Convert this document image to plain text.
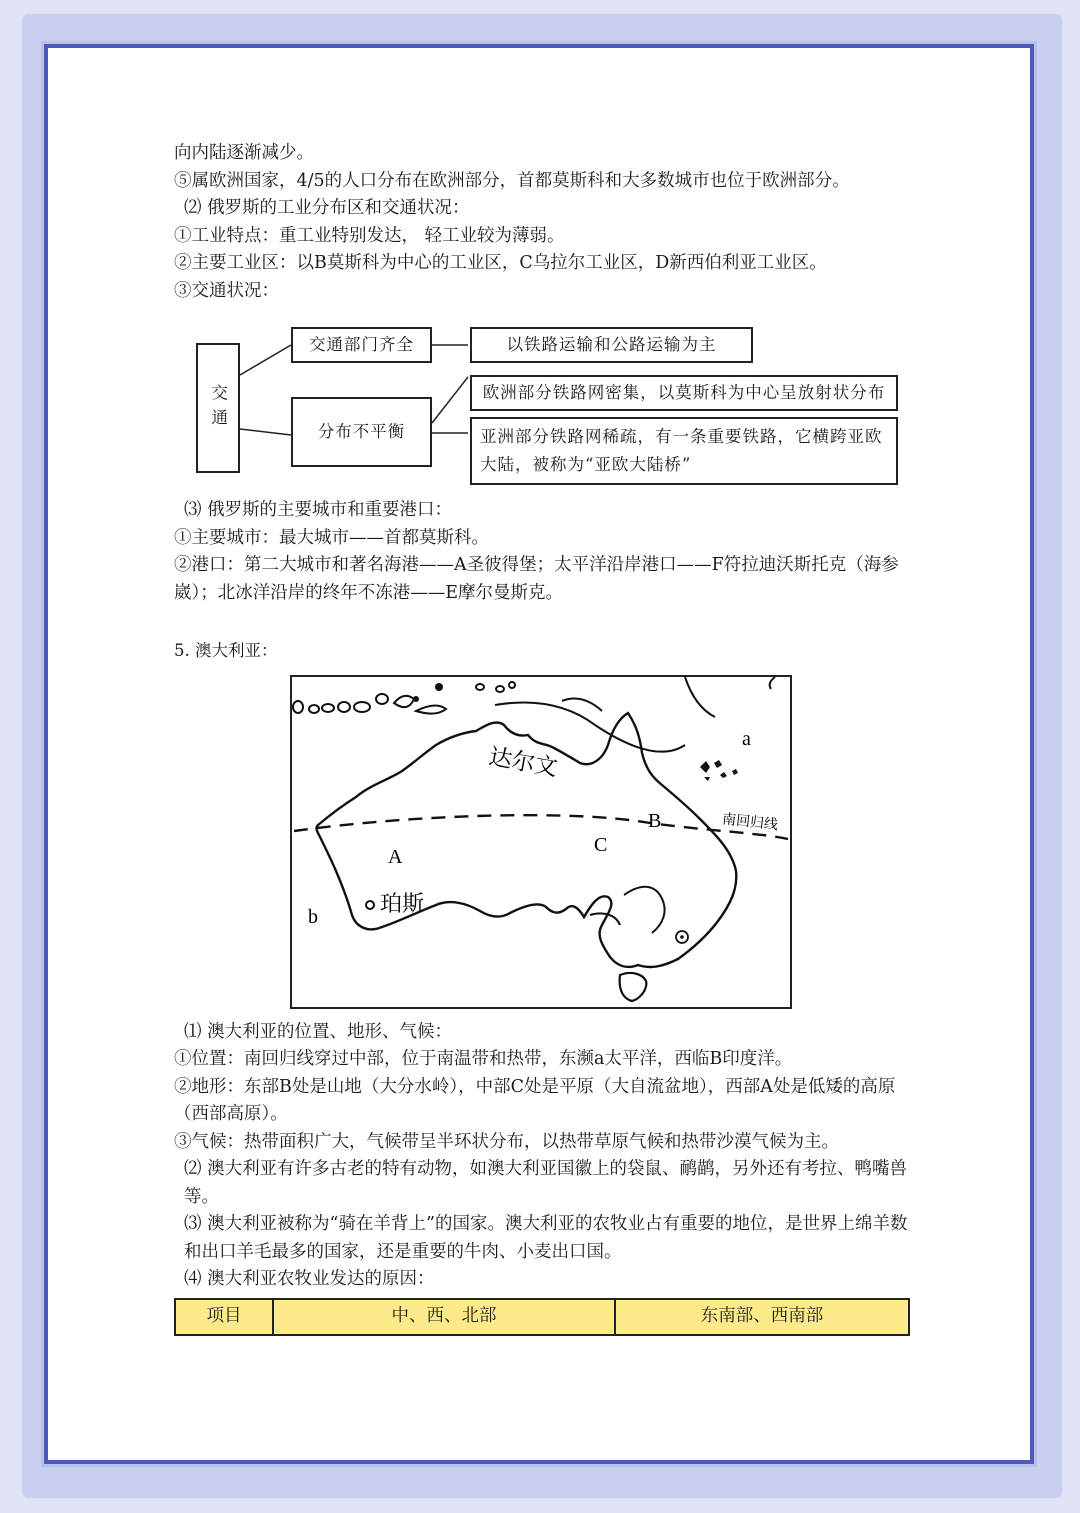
向内陆逐渐减少。
⑤属欧洲国家，4/5的人口分布在欧洲部分，首都莫斯科和大多数城市也位于欧洲部分。
⑵ 俄罗斯的工业分布区和交通状况：
①工业特点：重工业特别发达， 轻工业较为薄弱。
②主要工业区：以B莫斯科为中心的工业区，C乌拉尔工业区，D新西伯利亚工业区。
③交通状况：
交通
交通部门齐全	以铁路运输和公路运输为主
分布不平衡
欧洲部分铁路网密集，以莫斯科为中心呈放射状分布
亚洲部分铁路网稀疏，有一条重要铁路，它横跨亚欧大陆，被称为“亚欧大陆桥”
⑶ 俄罗斯的主要城市和重要港口：
①主要城市：最大城市——首都莫斯科。
②港口：第二大城市和著名海港——A圣彼得堡；太平洋沿岸港口——F符拉迪沃斯托克（海参崴）；北冰洋沿岸的终年不冻港——E摩尔曼斯克。
5. 澳大利亚：
达尔文
珀斯
南回归线
a
b
A
B
C
⑴ 澳大利亚的位置、地形、气候：
①位置：南回归线穿过中部，位于南温带和热带，东濒a太平洋，西临B印度洋。
②地形：东部B处是山地（大分水岭），中部C处是平原（大自流盆地），西部A处是低矮的高原（西部高原）。
③气候：热带面积广大，气候带呈半环状分布，以热带草原气候和热带沙漠气候为主。
⑵ 澳大利亚有许多古老的特有动物，如澳大利亚国徽上的袋鼠、鸸鹋，另外还有考拉、鸭嘴兽等。
⑶ 澳大利亚被称为“骑在羊背上”的国家。澳大利亚的农牧业占有重要的地位，是世界上绵羊数和出口羊毛最多的国家，还是重要的牛肉、小麦出口国。
⑷ 澳大利亚农牧业发达的原因：
项目	中、西、北部	东南部、西南部
